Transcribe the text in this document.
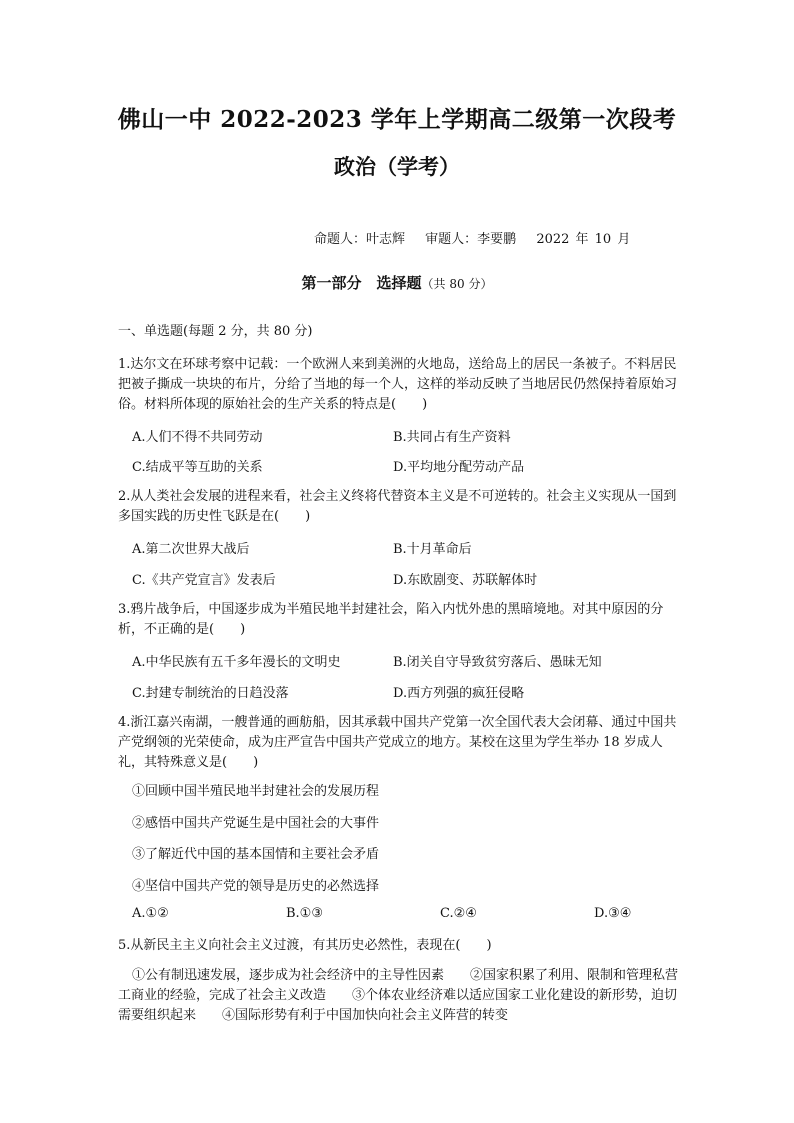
佛山一中 2022-2023 学年上学期高二级第一次段考
政治（学考）
命题人：叶志辉 审题人：李要鹏 2022 年 10 月
第一部分　选择题（共 80 分）
一、单选题(每题 2 分，共 80 分)
1.达尔文在环球考察中记载：一个欧洲人来到美洲的火地岛，送给岛上的居民一条被子。不料居民把被子撕成一块块的布片，分给了当地的每一个人，这样的举动反映了当地居民仍然保持着原始习俗。材料所体现的原始社会的生产关系的特点是(　　)
A.人们不得不共同劳动	B.共同占有生产资料
C.结成平等互助的关系	D.平均地分配劳动产品
2.从人类社会发展的进程来看，社会主义终将代替资本主义是不可逆转的。社会主义实现从一国到多国实践的历史性飞跃是在(　　)
A.第二次世界大战后	B.十月革命后
C.《共产党宣言》发表后	D.东欧剧变、苏联解体时
3.鸦片战争后，中国逐步成为半殖民地半封建社会，陷入内忧外患的黑暗境地。对其中原因的分析，不正确的是(　　)
A.中华民族有五千多年漫长的文明史	B.闭关自守导致贫穷落后、愚昧无知
C.封建专制统治的日趋没落	D.西方列强的疯狂侵略
4.浙江嘉兴南湖，一艘普通的画舫船，因其承载中国共产党第一次全国代表大会闭幕、通过中国共产党纲领的光荣使命，成为庄严宣告中国共产党成立的地方。某校在这里为学生举办 18 岁成人礼，其特殊意义是(　　)
①回顾中国半殖民地半封建社会的发展历程
②感悟中国共产党诞生是中国社会的大事件
③了解近代中国的基本国情和主要社会矛盾
④坚信中国共产党的领导是历史的必然选择
A.①②	B.①③	C.②④	D.③④
5.从新民主主义向社会主义过渡，有其历史必然性，表现在(　　)
①公有制迅速发展，逐步成为社会经济中的主导性因素　　②国家积累了利用、限制和管理私营工商业的经验，完成了社会主义改造　　③个体农业经济难以适应国家工业化建设的新形势，迫切需要组织起来　　④国际形势有利于中国加快向社会主义阵营的转变
